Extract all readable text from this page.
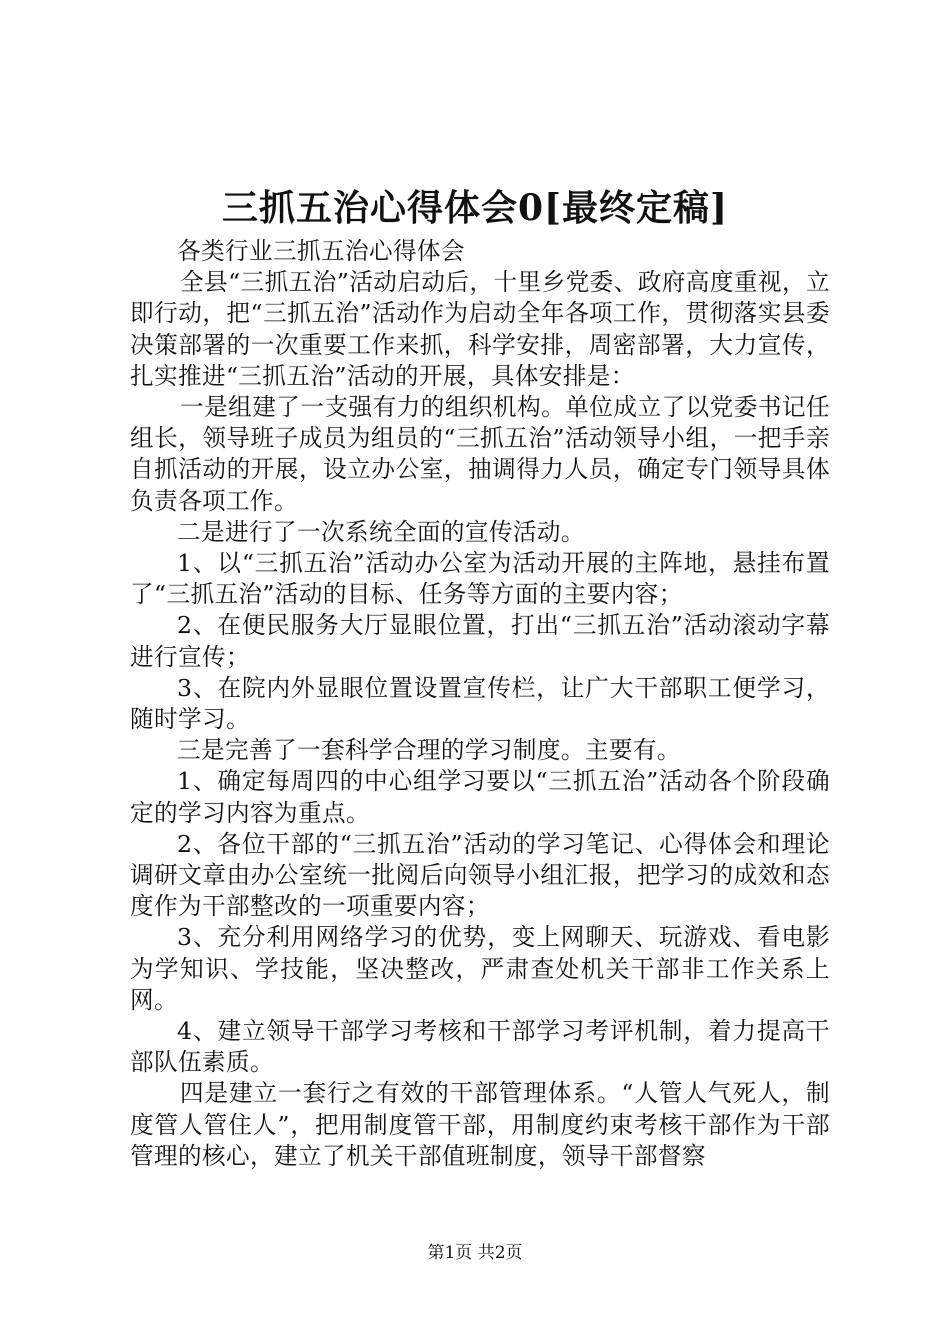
三抓五治心得体会0[最终定稿]

各类行业三抓五治心得体会

全县“三抓五治”活动启动后，十里乡党委、政府高度重视，立即行动，把“三抓五治”活动作为启动全年各项工作，贯彻落实县委决策部署的一次重要工作来抓，科学安排，周密部署，大力宣传，扎实推进“三抓五治”活动的开展，具体安排是：

一是组建了一支强有力的组织机构。单位成立了以党委书记任组长，领导班子成员为组员的“三抓五治”活动领导小组，一把手亲自抓活动的开展，设立办公室，抽调得力人员，确定专门领导具体负责各项工作。

二是进行了一次系统全面的宣传活动。

1、以“三抓五治”活动办公室为活动开展的主阵地，悬挂布置了“三抓五治”活动的目标、任务等方面的主要内容；

2、在便民服务大厅显眼位置，打出“三抓五治”活动滚动字幕进行宣传；

3、在院内外显眼位置设置宣传栏，让广大干部职工便学习，随时学习。

三是完善了一套科学合理的学习制度。主要有。

1、确定每周四的中心组学习要以“三抓五治”活动各个阶段确定的学习内容为重点。

2、各位干部的“三抓五治”活动的学习笔记、心得体会和理论调研文章由办公室统一批阅后向领导小组汇报，把学习的成效和态度作为干部整改的一项重要内容；

3、充分利用网络学习的优势，变上网聊天、玩游戏、看电影为学知识、学技能，坚决整改，严肃查处机关干部非工作关系上网。

4、建立领导干部学习考核和干部学习考评机制，着力提高干部队伍素质。

四是建立一套行之有效的干部管理体系。“人管人气死人，制度管人管住人”，把用制度管干部，用制度约束考核干部作为干部管理的核心，建立了机关干部值班制度，领导干部督察

第1页 共2页
